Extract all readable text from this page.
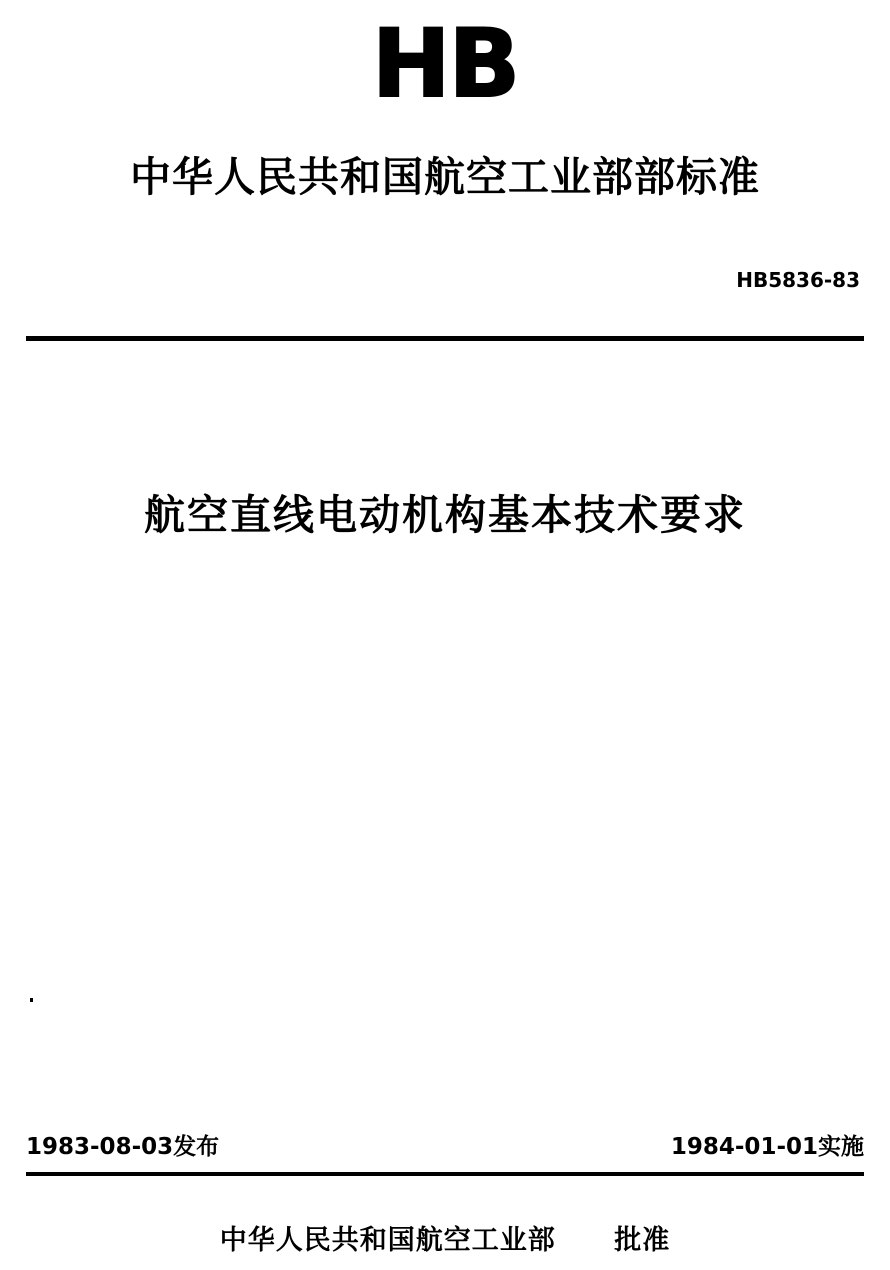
HB
中华人民共和国航空工业部部标准
HB5836-83
航空直线电动机构基本技术要求
1983-08-03发布	1984-01-01实施
中华人民共和国航空工业部 批准
